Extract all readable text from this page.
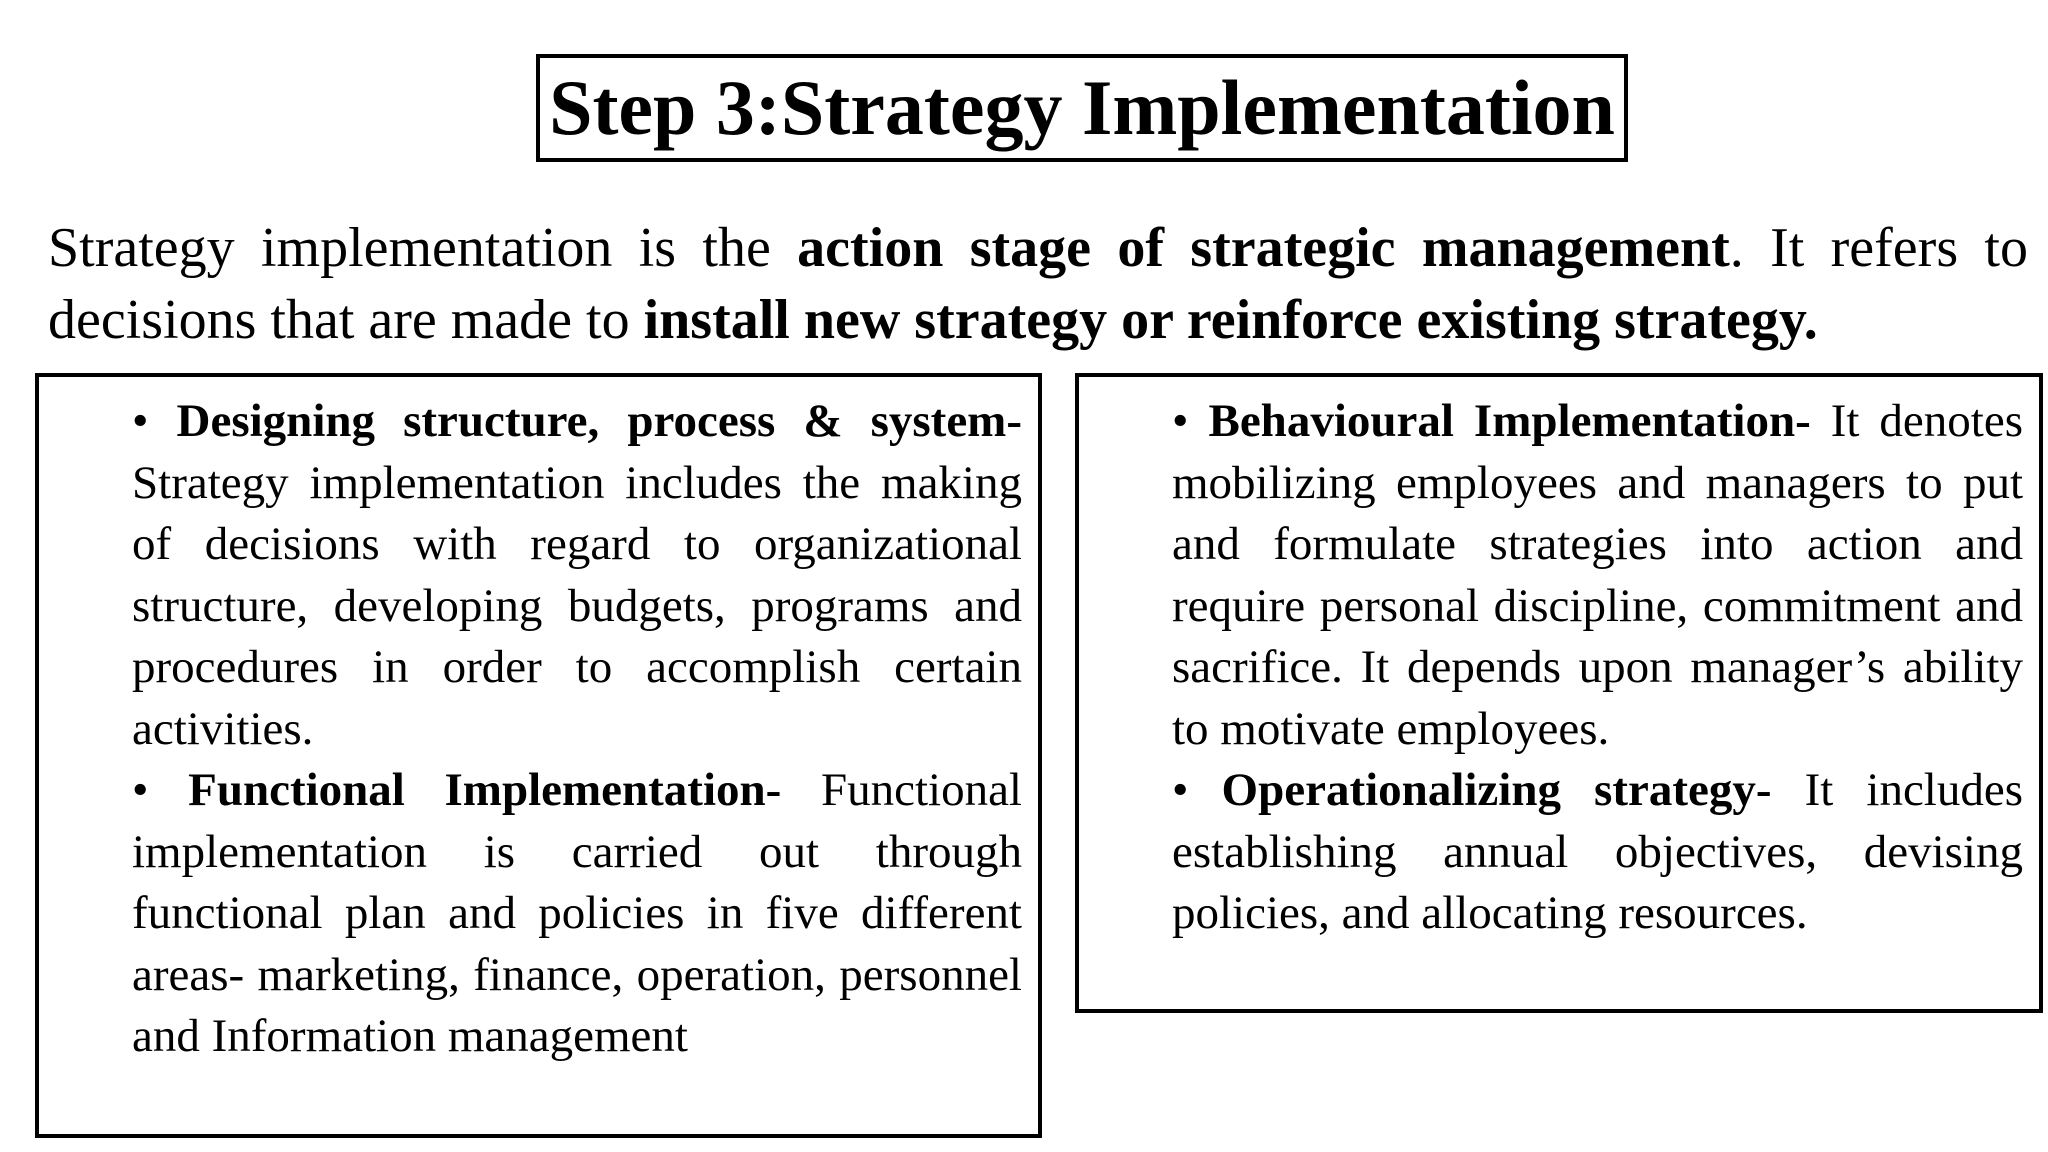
Step 3:Strategy Implementation
Strategy implementation is the action stage of strategic management. It refers to decisions that are made to install new strategy or reinforce existing strategy.
• Designing structure, process & system- Strategy implementation includes the making of decisions with regard to organizational structure, developing budgets, programs and procedures in order to accomplish certain activities.
• Functional Implementation- Functional implementation is carried out through functional plan and policies in five different areas- marketing, finance, operation, personnel and Information management
• Behavioural Implementation- It denotes mobilizing employees and managers to put and formulate strategies into action and require personal discipline, commitment and sacrifice. It depends upon manager’s ability to motivate employees.
• Operationalizing strategy- It includes establishing annual objectives, devising policies, and allocating resources.
